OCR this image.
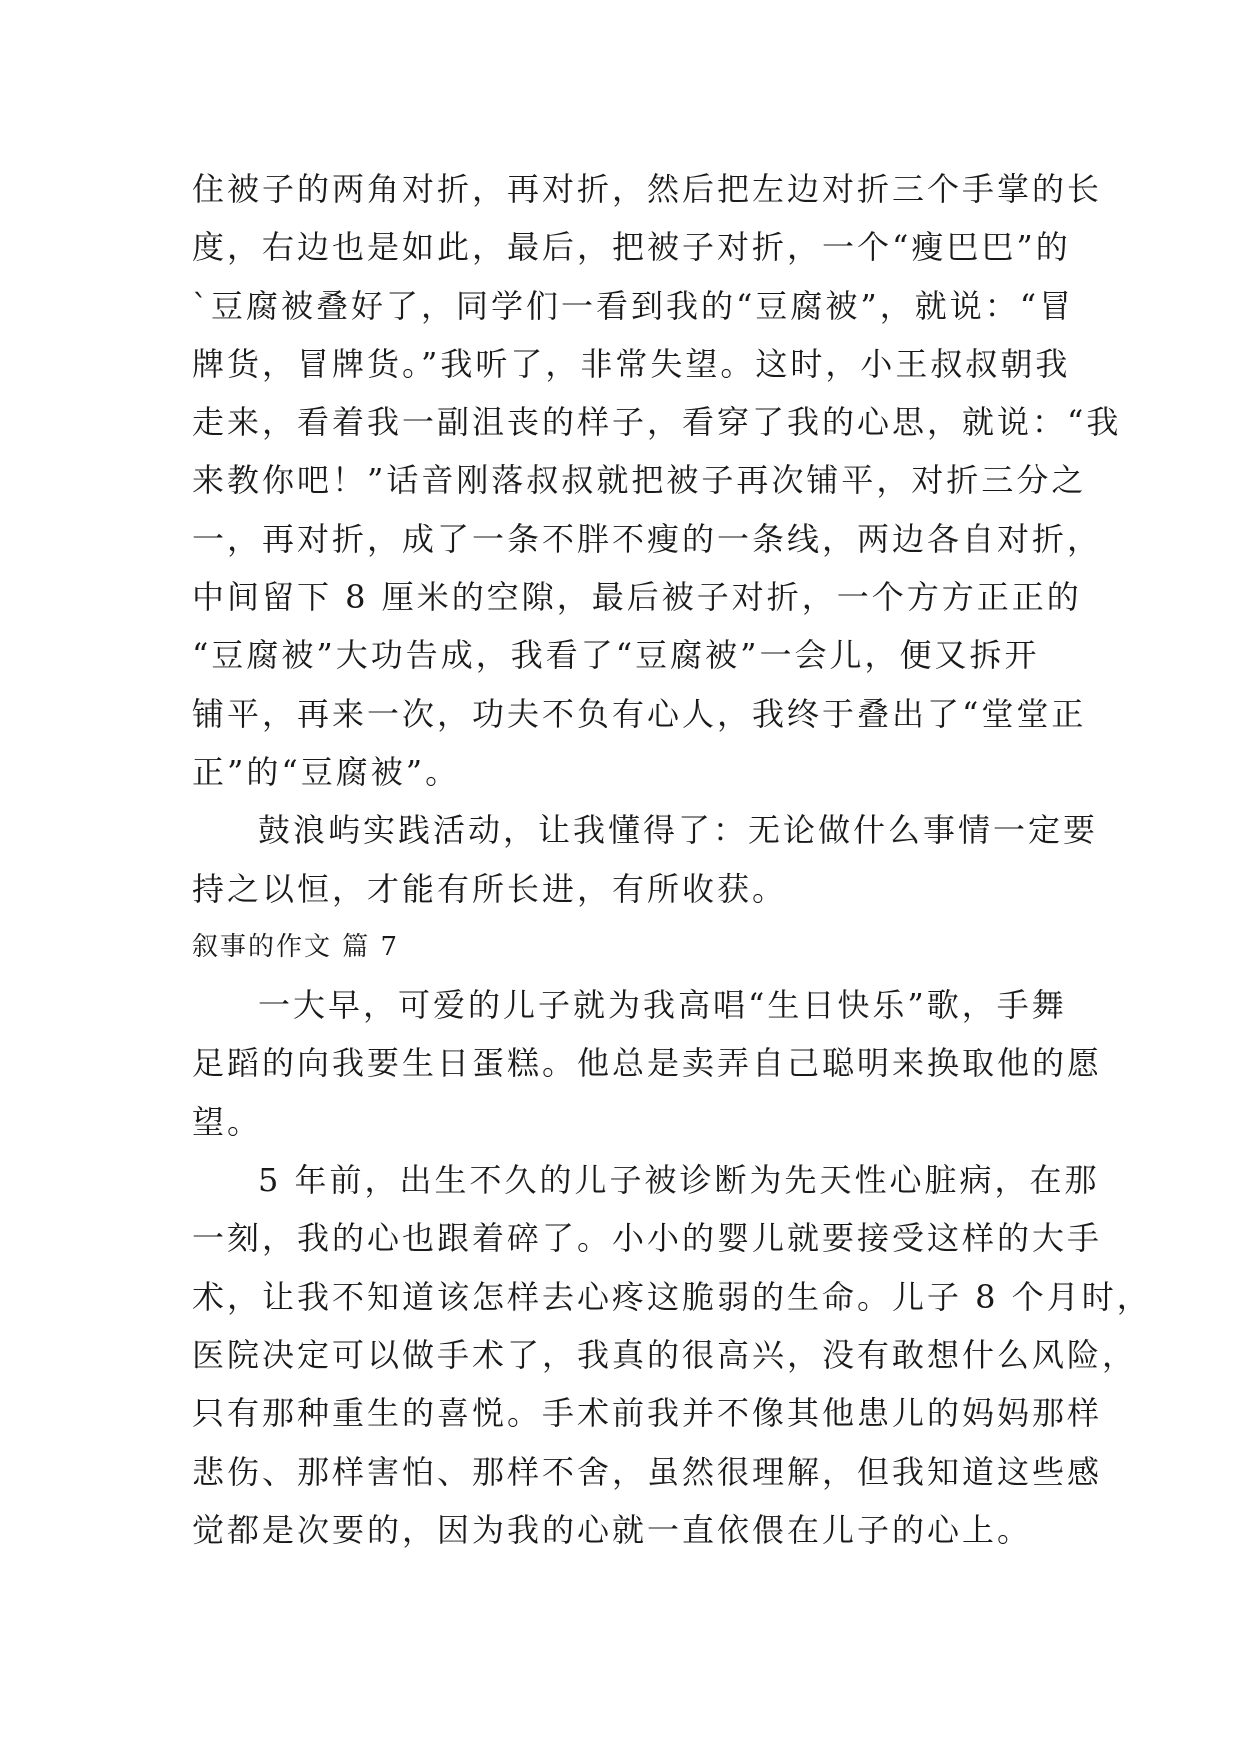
住被子的两角对折，再对折，然后把左边对折三个手掌的长
度，右边也是如此，最后，把被子对折，一个“瘦巴巴”的
`豆腐被叠好了，同学们一看到我的“豆腐被”，就说：“冒
牌货，冒牌货。”我听了，非常失望。这时，小王叔叔朝我
走来，看着我一副沮丧的样子，看穿了我的心思，就说：“我
来教你吧！”话音刚落叔叔就把被子再次铺平，对折三分之
一，再对折，成了一条不胖不瘦的一条线，两边各自对折，
中间留下 8 厘米的空隙，最后被子对折，一个方方正正的
“豆腐被”大功告成，我看了“豆腐被”一会儿，便又拆开
铺平，再来一次，功夫不负有心人，我终于叠出了“堂堂正
正”的“豆腐被”。
鼓浪屿实践活动，让我懂得了：无论做什么事情一定要
持之以恒，才能有所长进，有所收获。
叙事的作文 篇 7
一大早，可爱的儿子就为我高唱“生日快乐”歌，手舞
足蹈的向我要生日蛋糕。他总是卖弄自己聪明来换取他的愿
望。
5 年前，出生不久的儿子被诊断为先天性心脏病，在那
一刻，我的心也跟着碎了。小小的婴儿就要接受这样的大手
术，让我不知道该怎样去心疼这脆弱的生命。儿子 8 个月时，
医院决定可以做手术了，我真的很高兴，没有敢想什么风险，
只有那种重生的喜悦。手术前我并不像其他患儿的妈妈那样
悲伤、那样害怕、那样不舍，虽然很理解，但我知道这些感
觉都是次要的，因为我的心就一直依偎在儿子的心上。
